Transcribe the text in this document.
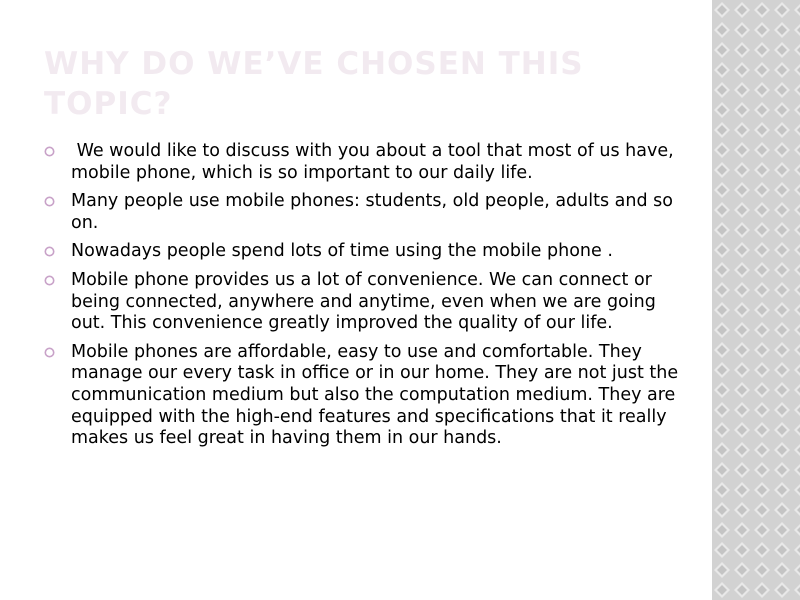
WHY DO WE’VE CHOSEN THIS TOPIC?
We would like to discuss with you about a tool that most of us have, mobile phone, which is so important to our daily life.
Many people use mobile phones: students, old people, adults and so on.
Nowadays people spend lots of time using the mobile phone .
Mobile phone provides us a lot of convenience. We can connect or being connected, anywhere and anytime, even when we are going out. This convenience greatly improved the quality of our life.
Mobile phones are affordable, easy to use and comfortable. They manage our every task in office or in our home. They are not just the communication medium but also the computation medium. They are equipped with the high-end features and specifications that it really makes us feel great in having them in our hands.
